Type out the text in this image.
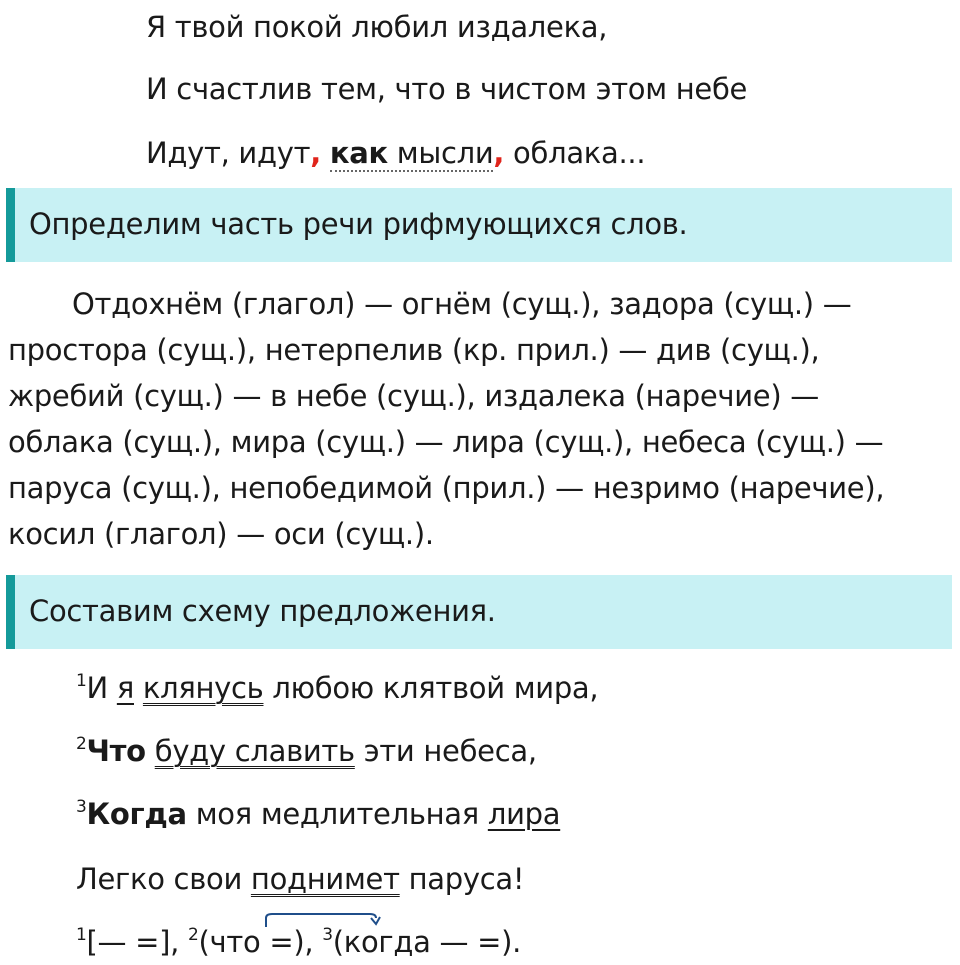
Я твой покой любил издалека,
И счастлив тем, что в чистом этом небе
Идут, идут, как мысли, облака...
Определим часть речи рифмующихся слов.
Отдохнём (глагол) — огнём (сущ.), задора (сущ.) — простора (сущ.), нетерпелив (кр. прил.) — див (сущ.), жребий (сущ.) — в небе (сущ.), издалека (наречие) — облака (сущ.), мира (сущ.) — лира (сущ.), небеса (сущ.) — паруса (сущ.), непобедимой (прил.) — незримо (наречие), косил (глагол) — оси (сущ.).
Составим схему предложения.
$^1$И я клянусь любою клятвой мира,
$^2$Что буду славить эти небеса,
$^3$Когда моя медлительная лира
Легко свои поднимет паруса!
$^1$[— =], $^2$(что =), $^3$(когда — =).
